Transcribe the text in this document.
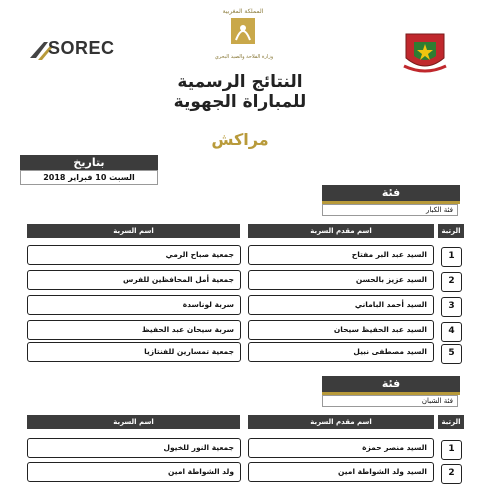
SOREC
المملكة المغربية
وزارة الفلاحة والصيد البحري
النتائج الرسمية
للمباراة الجهوية
مراكش
بتاريخ
السبت 10 فبراير 2018
فئة
فئة الكبار
الرتبة
اسم مقدم السربة
اسم السربة
1
السيد عبد البر مفتاح
جمعية صباح الرمي
2
السيد عزيز بالحسن
جمعية أمل المحافظين للفرس
3
السيد أحمد الباماني
سربة لوناسدة
4
السيد عبد الحفيظ سيحان
سربة سيحان عبد الحفيظ
5
السيد مصطفى نبيل
جمعية تمسارين للفنتازيا
فئة
فئة الشبان
الرتبة
اسم مقدم السربة
اسم السربة
1
السيد منصر حمزة
جمعية النور للخيول
2
السيد ولد الشواطة امين
ولد الشواطة امين
